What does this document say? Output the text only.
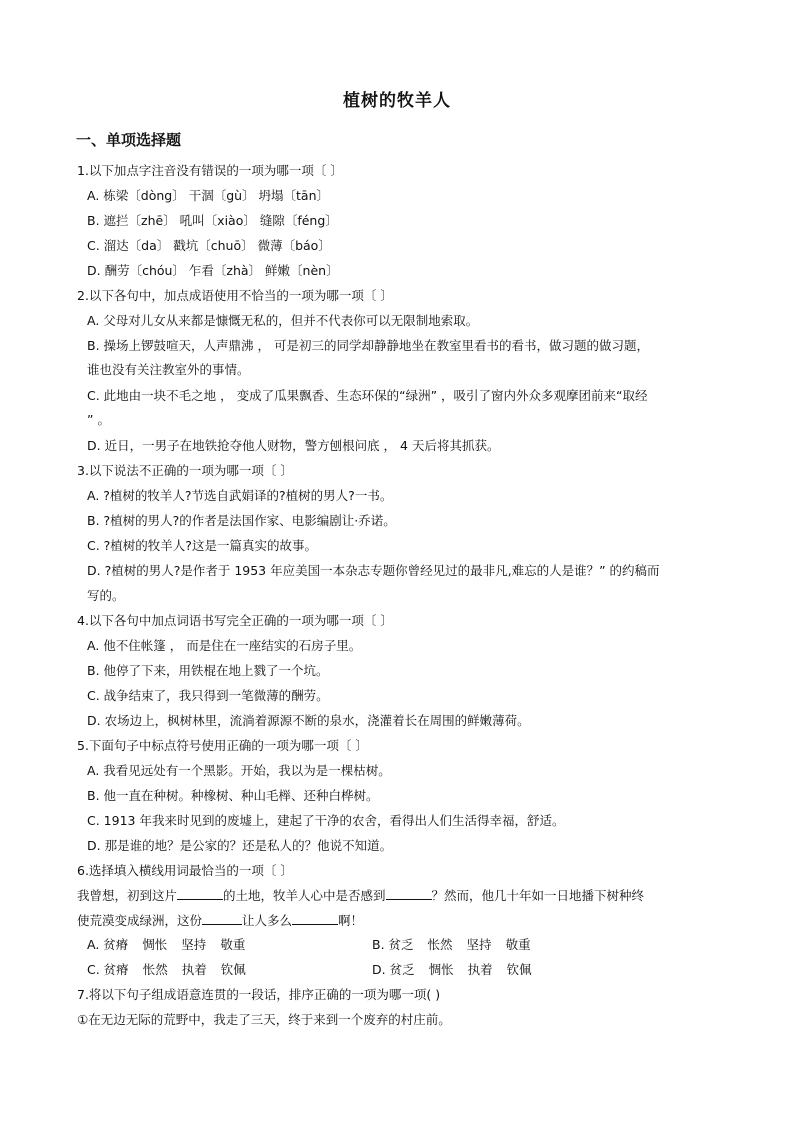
植树的牧羊人
一、单项选择题
1.以下加点字注音没有错误的一项为哪一项〔 〕
A. 栋梁〔dòng〕 干涸〔gù〕 坍塌〔tān〕
B. 遮拦〔zhē〕 吼叫〔xiào〕 缝隙〔féng〕
C. 溜达〔da〕 戳坑〔chuō〕 微薄〔báo〕
D. 酬劳〔chóu〕 乍看〔zhà〕 鲜嫩〔nèn〕
2.以下各句中，加点成语使用不恰当的一项为哪一项〔 〕
A. 父母对儿女从来都是慷慨无私的，但并不代表你可以无限制地索取。
B. 操场上锣鼓喧天，人声鼎沸 ， 可是初三的同学却静静地坐在教室里看书的看书，做习题的做习题，
谁也没有关注教室外的事情。
C. 此地由一块不毛之地 ， 变成了瓜果飘香、生态环保的“绿洲” ，吸引了窗内外众多观摩团前来“取经
” 。
D. 近日，一男子在地铁抢夺他人财物，警方刨根问底 ， 4 天后将其抓获。
3.以下说法不正确的一项为哪一项〔 〕
A. ?植树的牧羊人?节选自武娟译的?植树的男人?一书。
B. ?植树的男人?的作者是法国作家、电影编剧让·乔诺。
C. ?植树的牧羊人?这是一篇真实的故事。
D. ?植树的男人?是作者于 1953 年应美国一本杂志专题你曾经见过的最非凡,难忘的人是谁？” 的约稿而
写的。
4.以下各句中加点词语书写完全正确的一项为哪一项〔 〕
A. 他不住帐篷 ， 而是住在一座结实的石房子里。
B. 他停了下来，用铁棍在地上戮了一个坑。
C. 战争结束了，我只得到一笔微薄的酬劳。
D. 农场边上，枫树林里，流淌着源源不断的泉水，浇灌着长在周围的鲜嫩薄荷。
5.下面句子中标点符号使用正确的一项为哪一项〔 〕
A. 我看见远处有一个黑影。开始，我以为是一棵枯树。
B. 他一直在种树。种橡树、种山毛榉、还种白桦树。
C. 1913 年我来时见到的废墟上，建起了干净的农舍，看得出人们生活得幸福，舒适。
D. 那是谁的地？是公家的？还是私人的？他说不知道。
6.选择填入横线用词最恰当的一项〔 〕
我曾想，初到这片	的土地，牧羊人心中是否感到	？然而，他几十年如一日地播下树种终
使荒漠变成绿洲，这份	让人多么	啊！
A. 贫瘠 惆怅 坚持 敬重	B. 贫乏 怅然 坚持 敬重
C. 贫瘠 怅然 执着 钦佩	D. 贫乏 惆怅 执着 钦佩
7.将以下句子组成语意连贯的一段话，排序正确的一项为哪一项( )
①在无边无际的荒野中，我走了三天，终于来到一个废弃的村庄前。
